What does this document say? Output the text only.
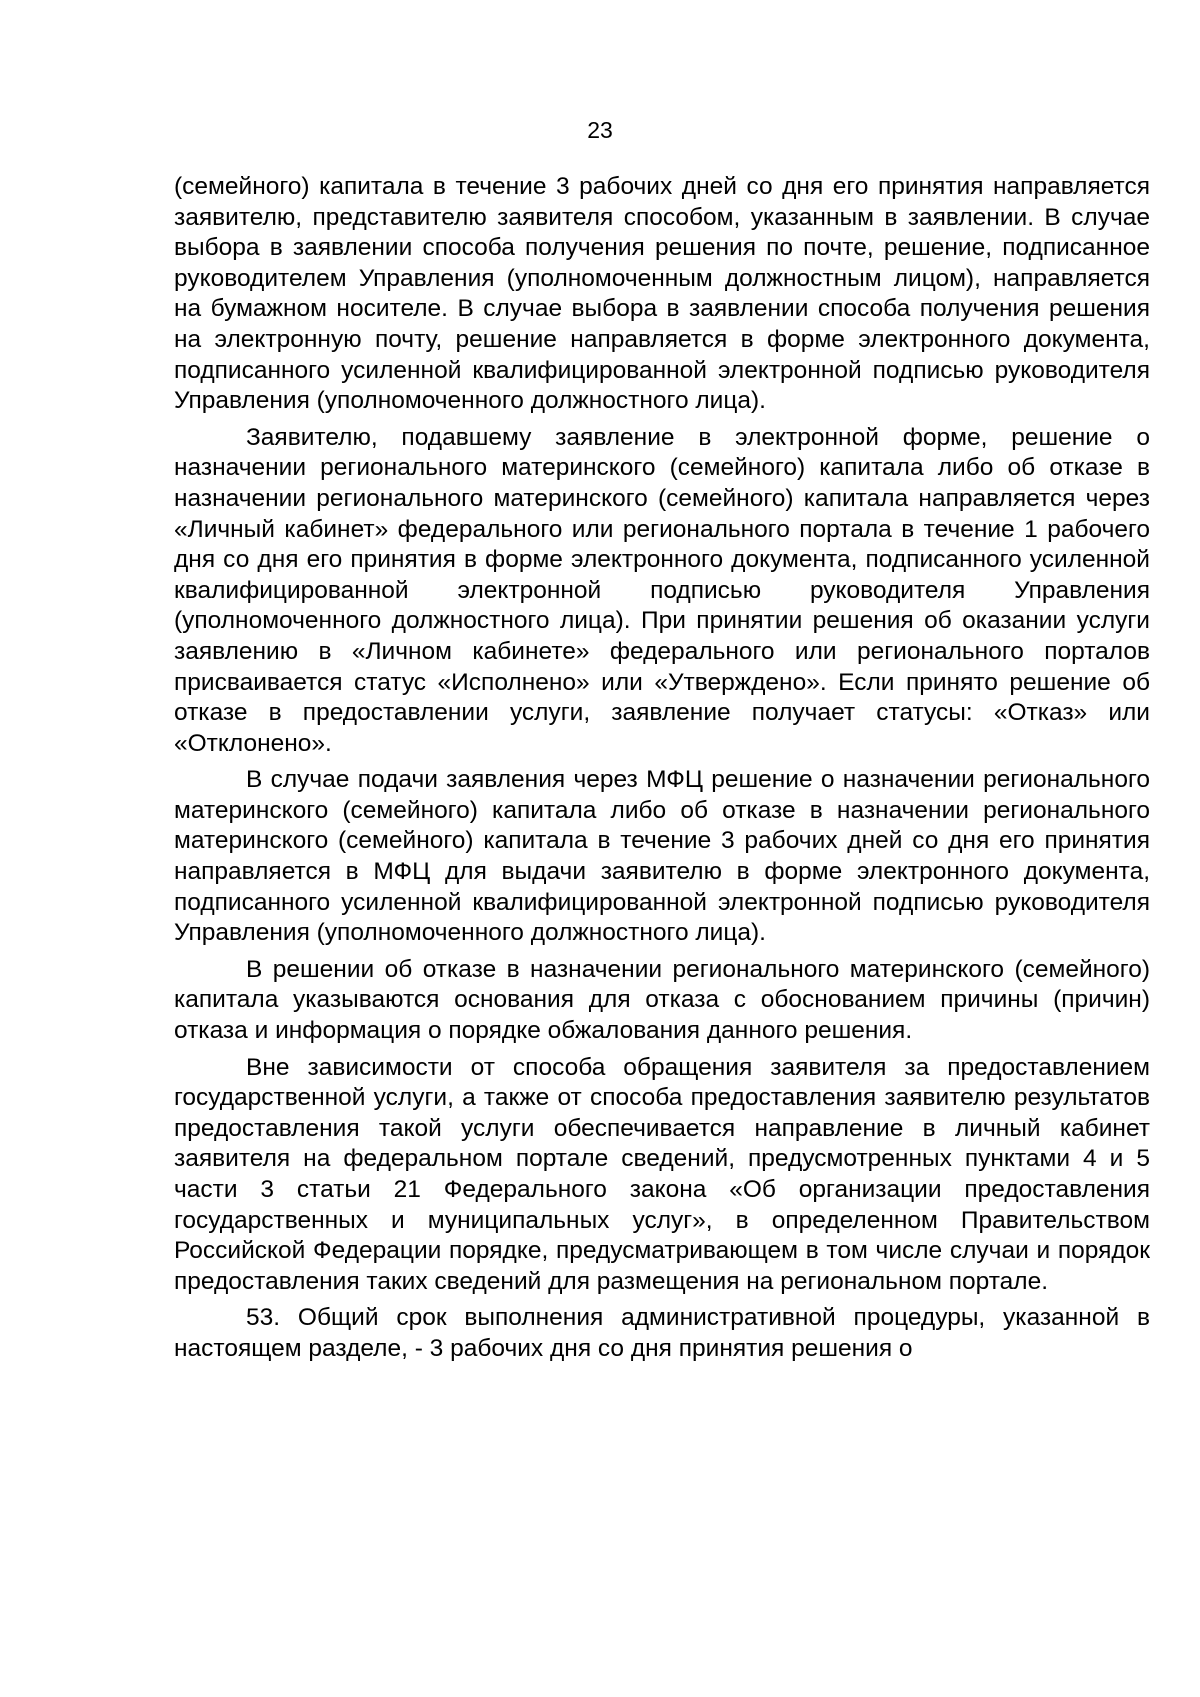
23

(семейного) капитала в течение 3 рабочих дней со дня его принятия направляется заявителю, представителю заявителя способом, указанным в заявлении. В случае выбора в заявлении способа получения решения по почте, решение, подписанное руководителем Управления (уполномоченным должностным лицом), направляется на бумажном носителе. В случае выбора в заявлении способа получения решения на электронную почту, решение направляется в форме электронного документа, подписанного усиленной квалифицированной электронной подписью руководителя Управления (уполномоченного должностного лица).

Заявителю, подавшему заявление в электронной форме, решение о назначении регионального материнского (семейного) капитала либо об отказе в назначении регионального материнского (семейного) капитала направляется через «Личный кабинет» федерального или регионального портала в течение 1 рабочего дня со дня его принятия в форме электронного документа, подписанного усиленной квалифицированной электронной подписью руководителя Управления (уполномоченного должностного лица). При принятии решения об оказании услуги заявлению в «Личном кабинете» федерального или регионального порталов присваивается статус «Исполнено» или «Утверждено». Если принято решение об отказе в предоставлении услуги, заявление получает статусы: «Отказ» или «Отклонено».

В случае подачи заявления через МФЦ решение о назначении регионального материнского (семейного) капитала либо об отказе в назначении регионального материнского (семейного) капитала в течение 3 рабочих дней со дня его принятия направляется в МФЦ для выдачи заявителю в форме электронного документа, подписанного усиленной квалифицированной электронной подписью руководителя Управления (уполномоченного должностного лица).

В решении об отказе в назначении регионального материнского (семейного) капитала указываются основания для отказа с обоснованием причины (причин) отказа и информация о порядке обжалования данного решения.

Вне зависимости от способа обращения заявителя за предоставлением государственной услуги, а также от способа предоставления заявителю результатов предоставления такой услуги обеспечивается направление в личный кабинет заявителя на федеральном портале сведений, предусмотренных пунктами 4 и 5 части 3 статьи 21 Федерального закона «Об организации предоставления государственных и муниципальных услуг», в определенном Правительством Российской Федерации порядке, предусматривающем в том числе случаи и порядок предоставления таких сведений для размещения на региональном портале.

53. Общий срок выполнения административной процедуры, указанной в настоящем разделе, - 3 рабочих дня со дня принятия решения о
